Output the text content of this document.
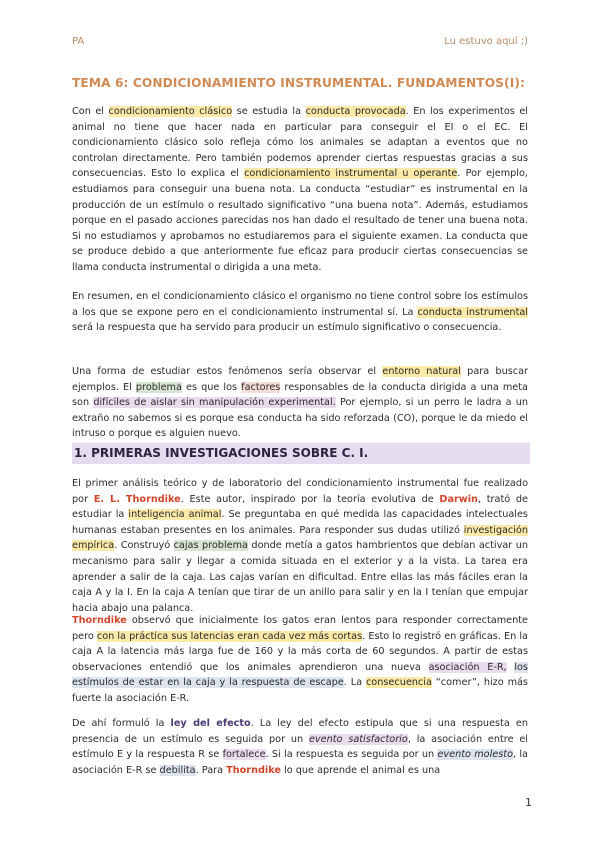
PA	Lu estuvo aquí ;)
TEMA 6: CONDICIONAMIENTO INSTRUMENTAL. FUNDAMENTOS(I):
Con el condicionamiento clásico se estudia la conducta provocada. En los experimentos el animal no tiene que hacer nada en particular para conseguir el EI o el EC. El condicionamiento clásico solo refleja cómo los animales se adaptan a eventos que no controlan directamente. Pero también podemos aprender ciertas respuestas gracias a sus consecuencias. Esto lo explica el condicionamiento instrumental u operante. Por ejemplo, estudiamos para conseguir una buena nota. La conducta “estudiar” es instrumental en la producción de un estímulo o resultado significativo “una buena nota”. Además, estudiamos porque en el pasado acciones parecidas nos han dado el resultado de tener una buena nota. Si no estudiamos y aprobamos no estudiaremos para el siguiente examen. La conducta que se produce debido a que anteriormente fue eficaz para producir ciertas consecuencias se llama conducta instrumental o dirigida a una meta.
En resumen, en el condicionamiento clásico el organismo no tiene control sobre los estímulos a los que se expone pero en el condicionamiento instrumental sí. La conducta instrumental será la respuesta que ha servido para producir un estímulo significativo o consecuencia.
Una forma de estudiar estos fenómenos sería observar el entorno natural para buscar ejemplos. El problema es que los factores responsables de la conducta dirigida a una meta son difíciles de aislar sin manipulación experimental. Por ejemplo, si un perro le ladra a un extraño no sabemos si es porque esa conducta ha sido reforzada (CO), porque le da miedo el intruso o porque es alguien nuevo.
1. PRIMERAS INVESTIGACIONES SOBRE C. I.
El primer análisis teórico y de laboratorio del condicionamiento instrumental fue realizado por E. L. Thorndike. Este autor, inspirado por la teoría evolutiva de Darwin, trató de estudiar la inteligencia animal. Se preguntaba en qué medida las capacidades intelectuales humanas estaban presentes en los animales. Para responder sus dudas utilizó investigación empírica. Construyó cajas problema donde metía a gatos hambrientos que debían activar un mecanismo para salir y llegar a comida situada en el exterior y a la vista. La tarea era aprender a salir de la caja. Las cajas varían en dificultad. Entre ellas las más fáciles eran la caja A y la I. En la caja A tenían que tirar de un anillo para salir y en la I tenían que empujar hacia abajo una palanca.
Thorndike observó que inicialmente los gatos eran lentos para responder correctamente pero con la práctica sus latencias eran cada vez más cortas. Esto lo registró en gráficas. En la caja A la latencia más larga fue de 160 y la más corta de 60 segundos. A partir de estas observaciones entendió que los animales aprendieron una nueva asociación E-R, los estímulos de estar en la caja y la respuesta de escape. La consecuencia “comer”, hizo más fuerte la asociación E-R.
De ahí formuló la ley del efecto. La ley del efecto estipula que si una respuesta en presencia de un estímulo es seguida por un evento satisfactorio, la asociación entre el estímulo E y la respuesta R se fortalece. Si la respuesta es seguida por un evento molesto, la asociación E-R se debilita. Para Thorndike lo que aprende el animal es una
1
